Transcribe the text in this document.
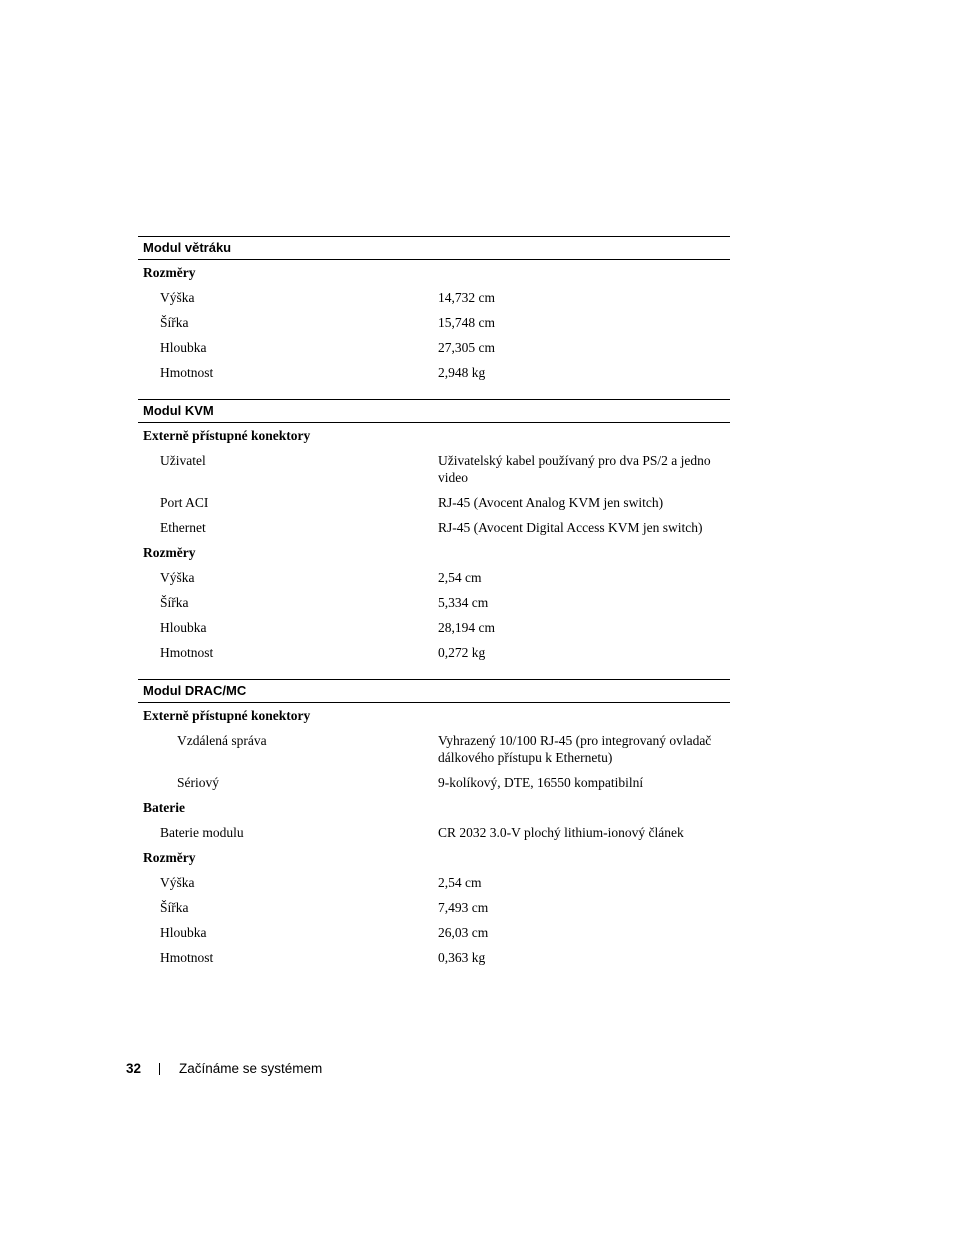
Modul větráku
Rozměry
Výška	14,732 cm
Šířka	15,748 cm
Hloubka	27,305 cm
Hmotnost	2,948 kg
Modul KVM
Externě přístupné konektory
Uživatel	Uživatelský kabel používaný pro dva PS/2 a jedno video
Port ACI	RJ-45 (Avocent Analog KVM jen switch)
Ethernet	RJ-45 (Avocent Digital Access KVM jen switch)
Rozměry
Výška	2,54 cm
Šířka	5,334 cm
Hloubka	28,194 cm
Hmotnost	0,272 kg
Modul DRAC/MC
Externě přístupné konektory
Vzdálená správa	Vyhrazený 10/100 RJ-45 (pro integrovaný ovladač dálkového přístupu k Ethernetu)
Sériový	9-kolíkový, DTE, 16550 kompatibilní
Baterie
Baterie modulu	CR 2032 3.0-V plochý lithium-ionový článek
Rozměry
Výška	2,54 cm
Šířka	7,493 cm
Hloubka	26,03 cm
Hmotnost	0,363 kg
32	Začínáme se systémem
